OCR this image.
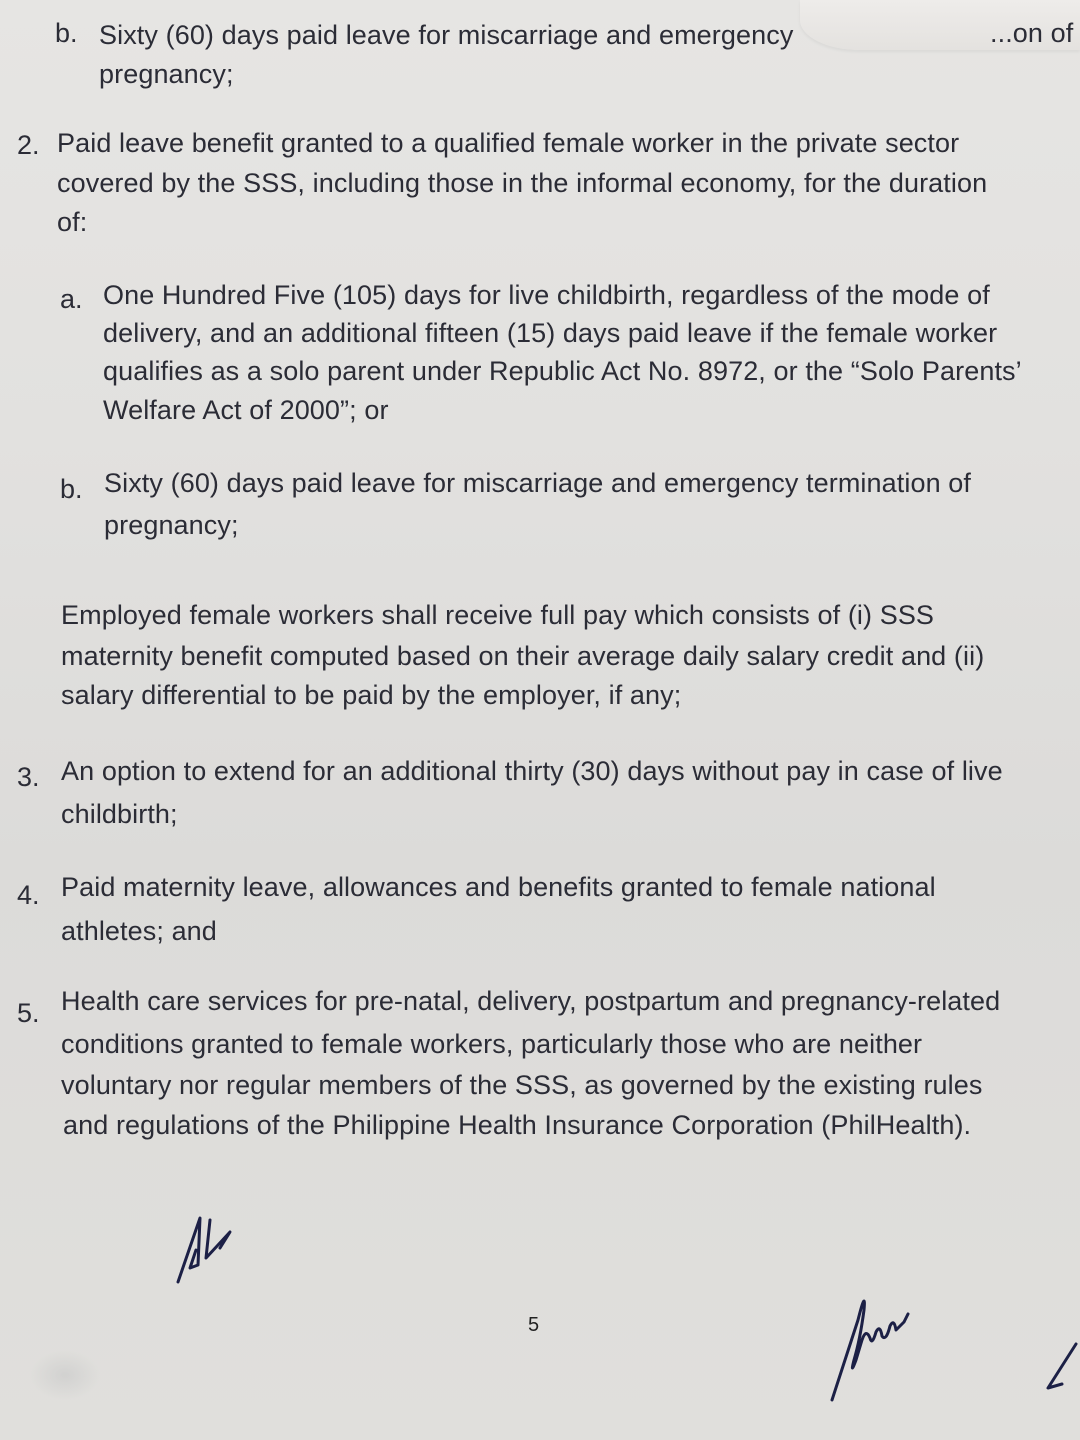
b. Sixty (60) days paid leave for miscarriage and emergency	...on of
pregnancy;
2. Paid leave benefit granted to a qualified female worker in the private sector
covered by the SSS, including those in the informal economy, for the duration
of:
a. One Hundred Five (105) days for live childbirth, regardless of the mode of
delivery, and an additional fifteen (15) days paid leave if the female worker
qualifies as a solo parent under Republic Act No. 8972, or the “Solo Parents’
Welfare Act of 2000”; or
b. Sixty (60) days paid leave for miscarriage and emergency termination of
pregnancy;
Employed female workers shall receive full pay which consists of (i) SSS
maternity benefit computed based on their average daily salary credit and (ii)
salary differential to be paid by the employer, if any;
3. An option to extend for an additional thirty (30) days without pay in case of live
childbirth;
4. Paid maternity leave, allowances and benefits granted to female national
athletes; and
5. Health care services for pre-natal, delivery, postpartum and pregnancy-related
conditions granted to female workers, particularly those who are neither
voluntary nor regular members of the SSS, as governed by the existing rules
and regulations of the Philippine Health Insurance Corporation (PhilHealth).
5
